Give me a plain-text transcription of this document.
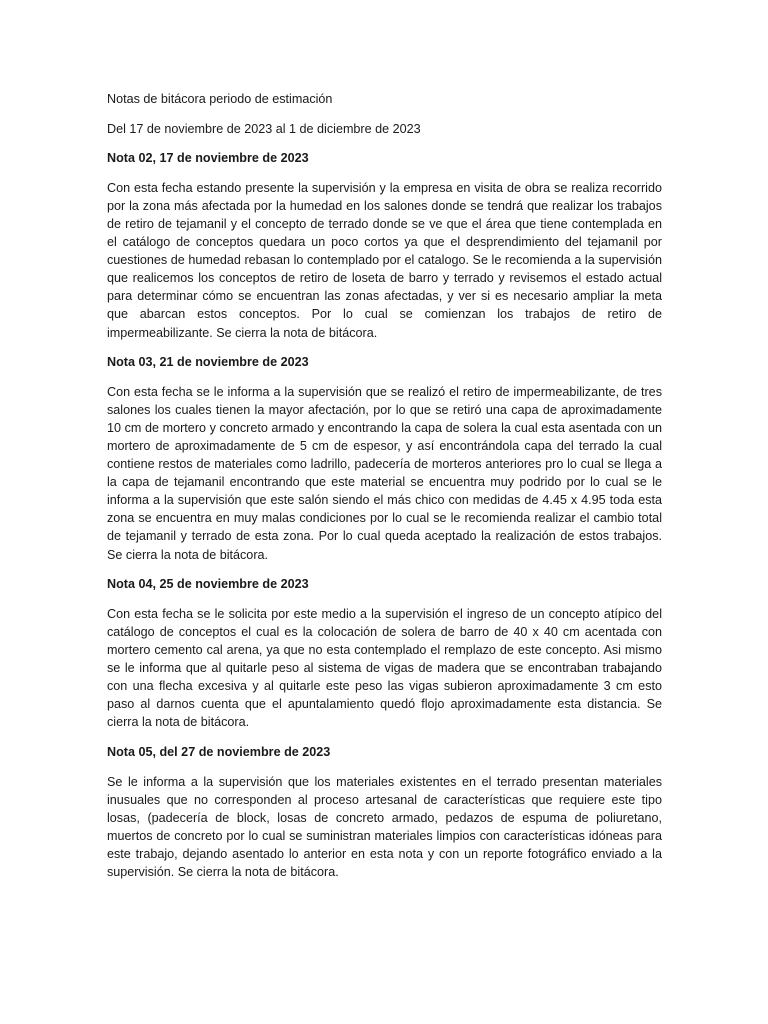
Notas de bitácora periodo de estimación

Del 17 de noviembre de 2023 al 1 de diciembre de 2023

Nota 02, 17 de noviembre de 2023

Con esta fecha estando presente la supervisión y la empresa en visita de obra se realiza recorrido por la zona más afectada por la humedad en los salones donde se tendrá que realizar los trabajos de retiro de tejamanil y el concepto de terrado donde se ve que el área que tiene contemplada en el catálogo de conceptos quedara un poco cortos ya que el desprendimiento del tejamanil por cuestiones de humedad rebasan lo contemplado por el catalogo. Se le recomienda a la supervisión que realicemos los conceptos de retiro de loseta de barro y terrado y revisemos el estado actual para determinar cómo se encuentran las zonas afectadas, y ver si es necesario ampliar la meta que abarcan estos conceptos. Por lo cual se comienzan los trabajos de retiro de impermeabilizante. Se cierra la nota de bitácora.

Nota 03, 21 de noviembre de 2023

Con esta fecha se le informa a la supervisión que se realizó el retiro de impermeabilizante, de tres salones los cuales tienen la mayor afectación, por lo que se retiró una capa de aproximadamente 10 cm de mortero y concreto armado y encontrando la capa de solera la cual esta asentada con un mortero de aproximadamente de 5 cm de espesor, y así encontrándola capa del terrado la cual contiene restos de materiales como ladrillo, padecería de morteros anteriores pro lo cual se llega a la capa de tejamanil encontrando que este material se encuentra muy podrido por lo cual se le informa a la supervisión que este salón siendo el más chico con medidas de 4.45 x 4.95 toda esta zona se encuentra en muy malas condiciones por lo cual se le recomienda realizar el cambio total de tejamanil y terrado de esta zona. Por lo cual queda aceptado la realización de estos trabajos. Se cierra la nota de bitácora.

Nota 04, 25 de noviembre de 2023

Con esta fecha se le solicita por este medio a la supervisión el ingreso de un concepto atípico del catálogo de conceptos el cual es la colocación de solera de barro de 40 x 40 cm acentada con mortero cemento cal arena, ya que no esta contemplado el remplazo de este concepto. Asi mismo se le informa que al quitarle peso al sistema de vigas de madera que se encontraban trabajando con una flecha excesiva y al quitarle este peso las vigas subieron aproximadamente 3 cm esto paso al darnos cuenta que el apuntalamiento quedó flojo aproximadamente esta distancia. Se cierra la nota de bitácora.

Nota 05, del 27 de noviembre de 2023

Se le informa a la supervisión que los materiales existentes en el terrado presentan materiales inusuales que no corresponden al proceso artesanal de características que requiere este tipo losas, (padecería de block, losas de concreto armado, pedazos de espuma de poliuretano, muertos de concreto por lo cual se suministran materiales limpios con características idóneas para este trabajo, dejando asentado lo anterior en esta nota y con un reporte fotográfico enviado a la supervisión. Se cierra la nota de bitácora.
